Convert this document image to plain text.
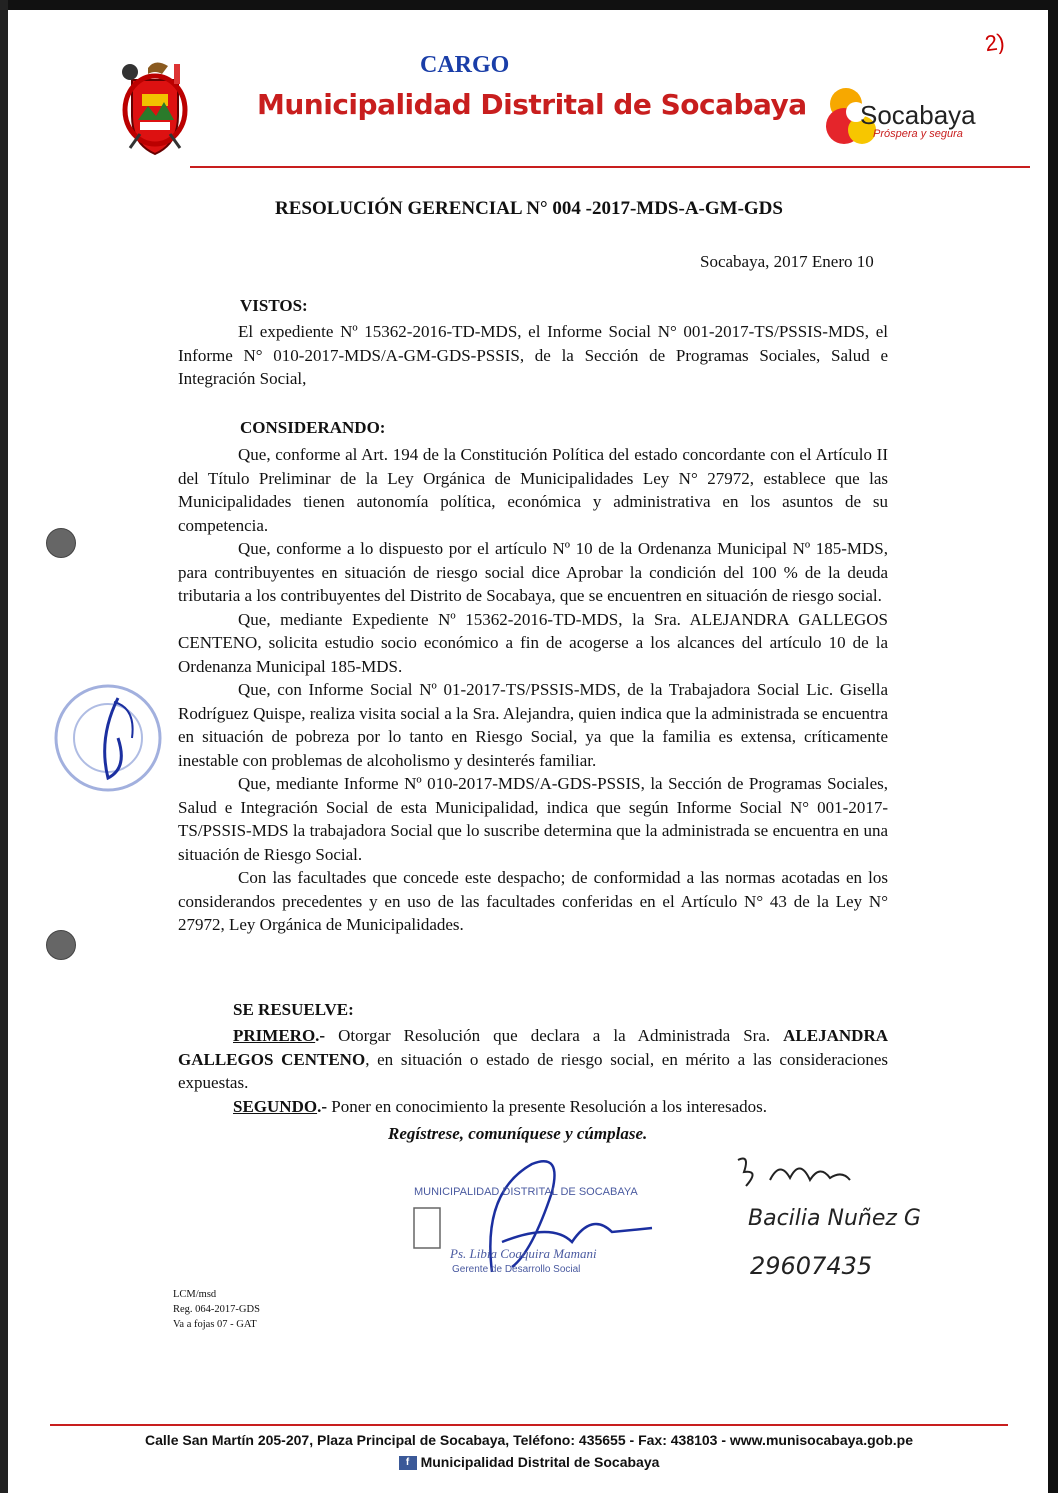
2)
CARGO
Municipalidad Distrital de Socabaya Socabaya
Próspera y segura
RESOLUCIÓN GERENCIAL N° 004 -2017-MDS-A-GM-GDS
Socabaya, 2017 Enero 10
VISTOS:

El expediente Nº 15362-2016-TD-MDS, el Informe Social N° 001-2017-TS/PSSIS-MDS, el Informe N° 010-2017-MDS/A-GM-GDS-PSSIS, de la Sección de Programas Sociales, Salud e Integración Social,

CONSIDERANDO:

Que, conforme al Art. 194 de la Constitución Política del estado concordante con el Artículo II del Título Preliminar de la Ley Orgánica de Municipalidades Ley N° 27972, establece que las Municipalidades tienen autonomía política, económica y administrativa en los asuntos de su competencia.

Que, conforme a lo dispuesto por el artículo Nº 10 de la Ordenanza Municipal Nº 185-MDS, para contribuyentes en situación de riesgo social dice Aprobar la condición del 100 % de la deuda tributaria a los contribuyentes del Distrito de Socabaya, que se encuentren en situación de riesgo social.

Que, mediante Expediente Nº 15362-2016-TD-MDS, la Sra. ALEJANDRA GALLEGOS CENTENO, solicita estudio socio económico a fin de acogerse a los alcances del artículo 10 de la Ordenanza Municipal 185-MDS.

Que, con Informe Social Nº 01-2017-TS/PSSIS-MDS, de la Trabajadora Social Lic. Gisella Rodríguez Quispe, realiza visita social a la Sra. Alejandra, quien indica que la administrada se encuentra en situación de pobreza por lo tanto en Riesgo Social, ya que la familia es extensa, críticamente inestable con problemas de alcoholismo y desinterés familiar.

Que, mediante Informe Nº 010-2017-MDS/A-GDS-PSSIS, la Sección de Programas Sociales, Salud e Integración Social de esta Municipalidad, indica que según Informe Social N° 001-2017-TS/PSSIS-MDS la trabajadora Social que lo suscribe determina que la administrada se encuentra en una situación de Riesgo Social.

Con las facultades que concede este despacho; de conformidad a las normas acotadas en los considerandos precedentes y en uso de las facultades conferidas en el Artículo N° 43 de la Ley N° 27972, Ley Orgánica de Municipalidades.

SE RESUELVE:

PRIMERO.- Otorgar Resolución que declara a la Administrada Sra. ALEJANDRA GALLEGOS CENTENO, en situación o estado de riesgo social, en mérito a las consideraciones expuestas.

SEGUNDO.- Poner en conocimiento la presente Resolución a los interesados.

Regístrese, comuníquese y cúmplase.
MUNICIPALIDAD DISTRITAL DE SOCABAYA
Ps. Libia Coaquira Mamani
Gerente de Desarrollo Social
Bacilia Nuñez G
29607435
LCM/msd
Reg. 064-2017-GDS
Va a fojas 07 - GAT
Calle San Martín 205-207, Plaza Principal de Socabaya, Teléfono: 435655 - Fax: 438103 - www.munisocabaya.gob.pe
f Municipalidad Distrital de Socabaya
